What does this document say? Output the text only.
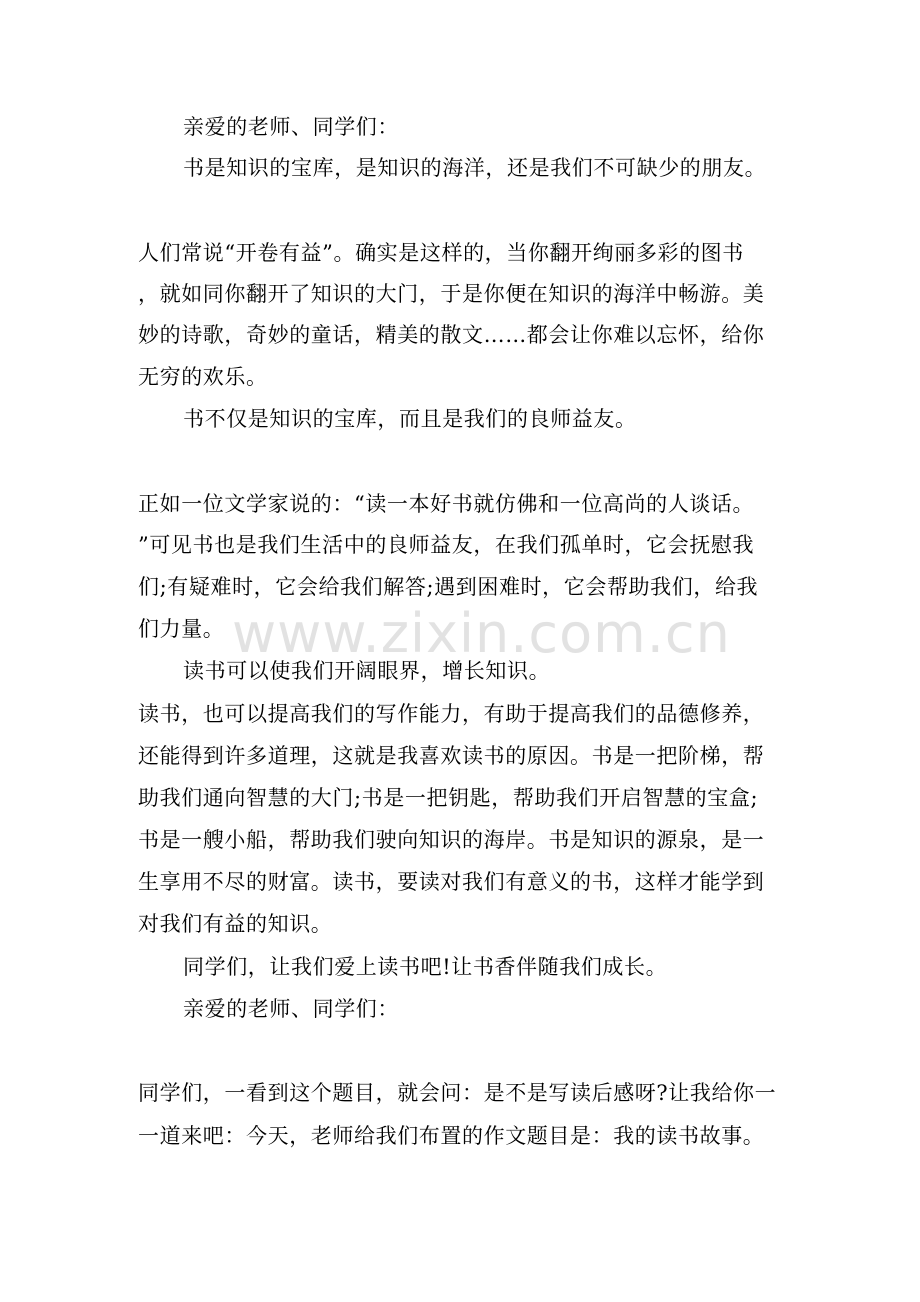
亲爱的老师、同学们：
书是知识的宝库，是知识的海洋，还是我们不可缺少的朋友。
人们常说“开卷有益”。确实是这样的，当你翻开绚丽多彩的图书
，就如同你翻开了知识的大门，于是你便在知识的海洋中畅游。美
妙的诗歌，奇妙的童话，精美的散文……都会让你难以忘怀，给你
无穷的欢乐。
书不仅是知识的宝库，而且是我们的良师益友。
正如一位文学家说的：“读一本好书就仿佛和一位高尚的人谈话。
”可见书也是我们生活中的良师益友，在我们孤单时，它会抚慰我
们;有疑难时，它会给我们解答;遇到困难时，它会帮助我们，给我
们力量。
读书可以使我们开阔眼界，增长知识。
读书，也可以提高我们的写作能力，有助于提高我们的品德修养，
还能得到许多道理，这就是我喜欢读书的原因。书是一把阶梯，帮
助我们通向智慧的大门;书是一把钥匙，帮助我们开启智慧的宝盒;
书是一艘小船，帮助我们驶向知识的海岸。书是知识的源泉，是一
生享用不尽的财富。读书，要读对我们有意义的书，这样才能学到
对我们有益的知识。
同学们，让我们爱上读书吧!让书香伴随我们成长。
亲爱的老师、同学们：
同学们，一看到这个题目，就会问：是不是写读后感呀?让我给你一
一道来吧：今天，老师给我们布置的作文题目是：我的读书故事。
www.zixin.com.cn
